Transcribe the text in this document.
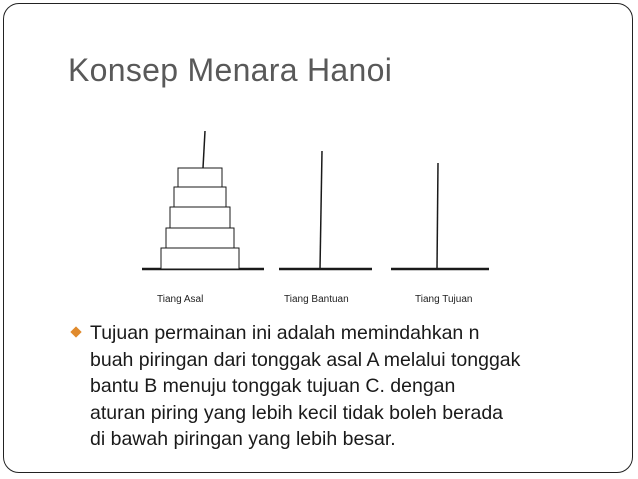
Konsep Menara Hanoi
Tiang Asal	Tiang Bantuan	Tiang Tujuan
Tujuan permainan ini adalah memindahkan n
buah piringan dari tonggak asal A melalui tonggak
bantu B menuju tonggak tujuan C. dengan
aturan piring yang lebih kecil tidak boleh berada
di bawah piringan yang lebih besar.
